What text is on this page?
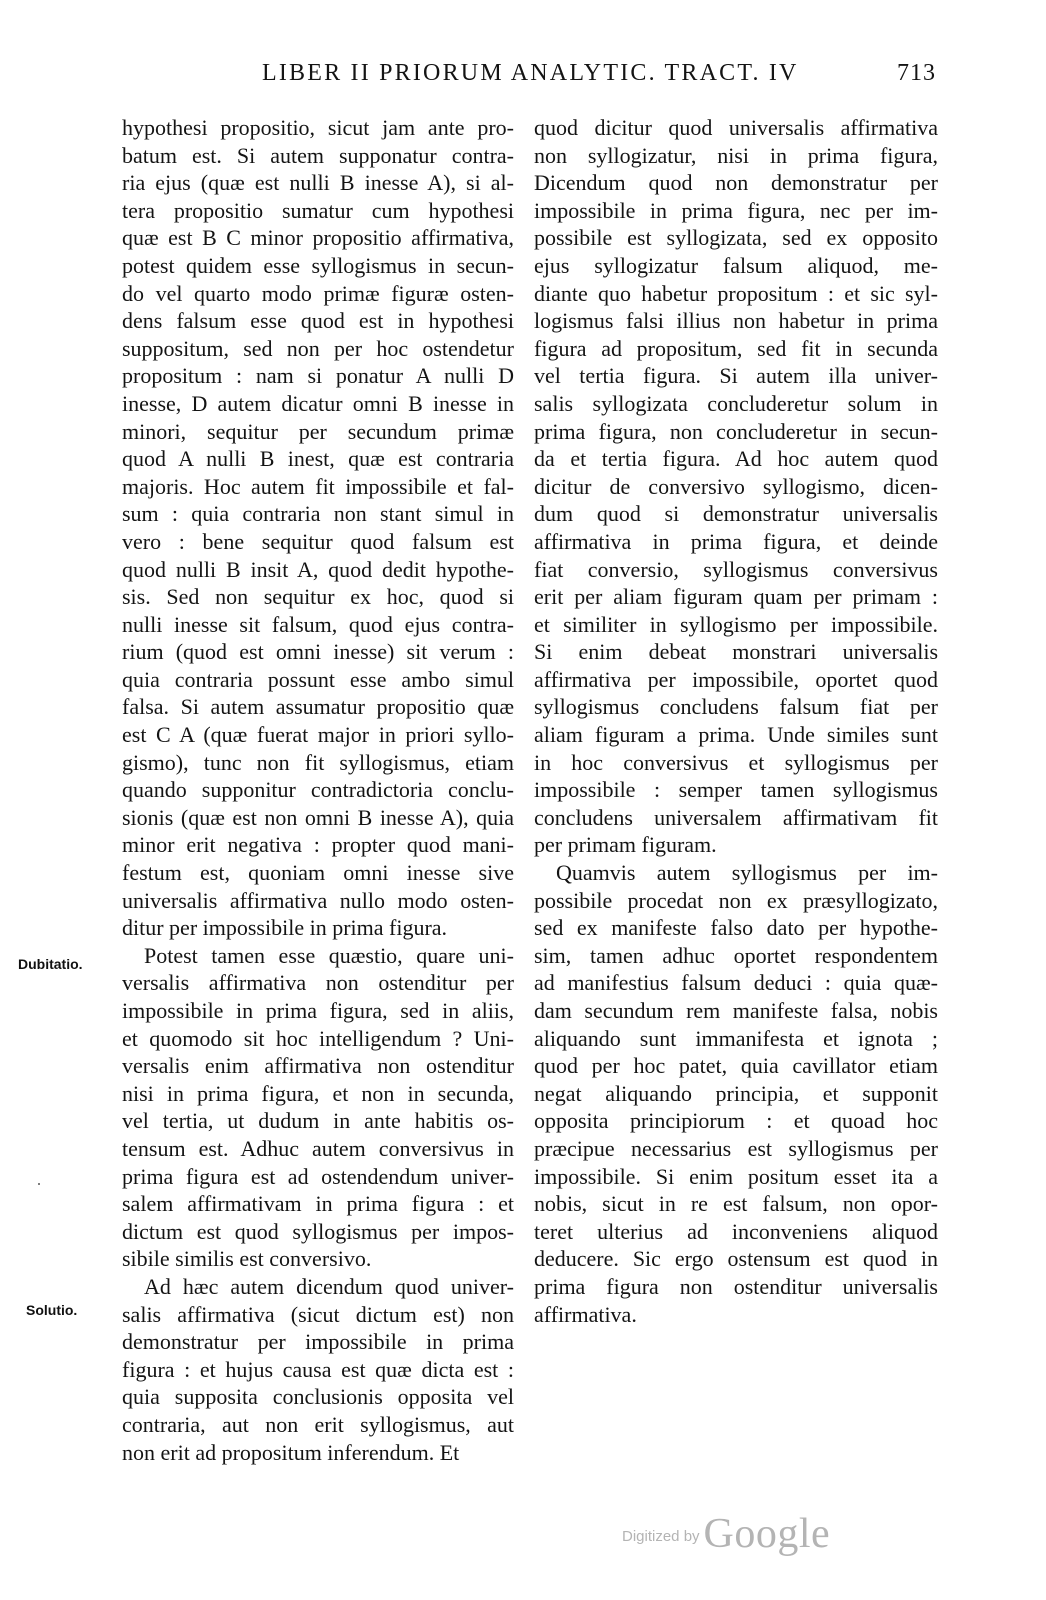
LIBER II PRIORUM ANALYTIC. TRACT. IV	713
Dubitatio.
Solutio.
hypothesi propositio, sicut jam ante pro-
batum est. Si autem supponatur contra-
ria ejus (quæ est nulli B inesse A), si al-
tera propositio sumatur cum hypothesi
quæ est B C minor propositio affirmativa,
potest quidem esse syllogismus in secun-
do vel quarto modo primæ figuræ osten-
dens falsum esse quod est in hypothesi
suppositum, sed non per hoc ostendetur
propositum : nam si ponatur A nulli D
inesse, D autem dicatur omni B inesse in
minori, sequitur per secundum primæ
quod A nulli B inest, quæ est contraria
majoris. Hoc autem fit impossibile et fal-
sum : quia contraria non stant simul in
vero : bene sequitur quod falsum est
quod nulli B insit A, quod dedit hypothe-
sis. Sed non sequitur ex hoc, quod si
nulli inesse sit falsum, quod ejus contra-
rium (quod est omni inesse) sit verum :
quia contraria possunt esse ambo simul
falsa. Si autem assumatur propositio quæ
est C A (quæ fuerat major in priori syllo-
gismo), tunc non fit syllogismus, etiam
quando supponitur contradictoria conclu-
sionis (quæ est non omni B inesse A), quia
minor erit negativa : propter quod mani-
festum est, quoniam omni inesse sive
universalis affirmativa nullo modo osten-
ditur per impossibile in prima figura.
Potest tamen esse quæstio, quare uni-
versalis affirmativa non ostenditur per
impossibile in prima figura, sed in aliis,
et quomodo sit hoc intelligendum ? Uni-
versalis enim affirmativa non ostenditur
nisi in prima figura, et non in secunda,
vel tertia, ut dudum in ante habitis os-
tensum est. Adhuc autem conversivus in
prima figura est ad ostendendum univer-
salem affirmativam in prima figura : et
dictum est quod syllogismus per impos-
sibile similis est conversivo.
Ad hæc autem dicendum quod univer-
salis affirmativa (sicut dictum est) non
demonstratur per impossibile in prima
figura : et hujus causa est quæ dicta est :
quia supposita conclusionis opposita vel
contraria, aut non erit syllogismus, aut
non erit ad propositum inferendum. Et
quod dicitur quod universalis affirmativa
non syllogizatur, nisi in prima figura,
Dicendum quod non demonstratur per
impossibile in prima figura, nec per im-
possibile est syllogizata, sed ex opposito
ejus syllogizatur falsum aliquod, me-
diante quo habetur propositum : et sic syl-
logismus falsi illius non habetur in prima
figura ad propositum, sed fit in secunda
vel tertia figura. Si autem illa univer-
salis syllogizata concluderetur solum in
prima figura, non concluderetur in secun-
da et tertia figura. Ad hoc autem quod
dicitur de conversivo syllogismo, dicen-
dum quod si demonstratur universalis
affirmativa in prima figura, et deinde
fiat conversio, syllogismus conversivus
erit per aliam figuram quam per primam :
et similiter in syllogismo per impossibile.
Si enim debeat monstrari universalis
affirmativa per impossibile, oportet quod
syllogismus concludens falsum fiat per
aliam figuram a prima. Unde similes sunt
in hoc conversivus et syllogismus per
impossibile : semper tamen syllogismus
concludens universalem affirmativam fit
per primam figuram.
Quamvis autem syllogismus per im-
possibile procedat non ex præsyllogizato,
sed ex manifeste falso dato per hypothe-
sim, tamen adhuc oportet respondentem
ad manifestius falsum deduci : quia quæ-
dam secundum rem manifeste falsa, nobis
aliquando sunt immanifesta et ignota ;
quod per hoc patet, quia cavillator etiam
negat aliquando principia, et supponit
opposita principiorum : et quoad hoc
præcipue necessarius est syllogismus per
impossibile. Si enim positum esset ita a
nobis, sicut in re est falsum, non opor-
teret ulterius ad inconveniens aliquod
deducere. Sic ergo ostensum est quod in
prima figura non ostenditur universalis
affirmativa.
Digitized byGoogle
